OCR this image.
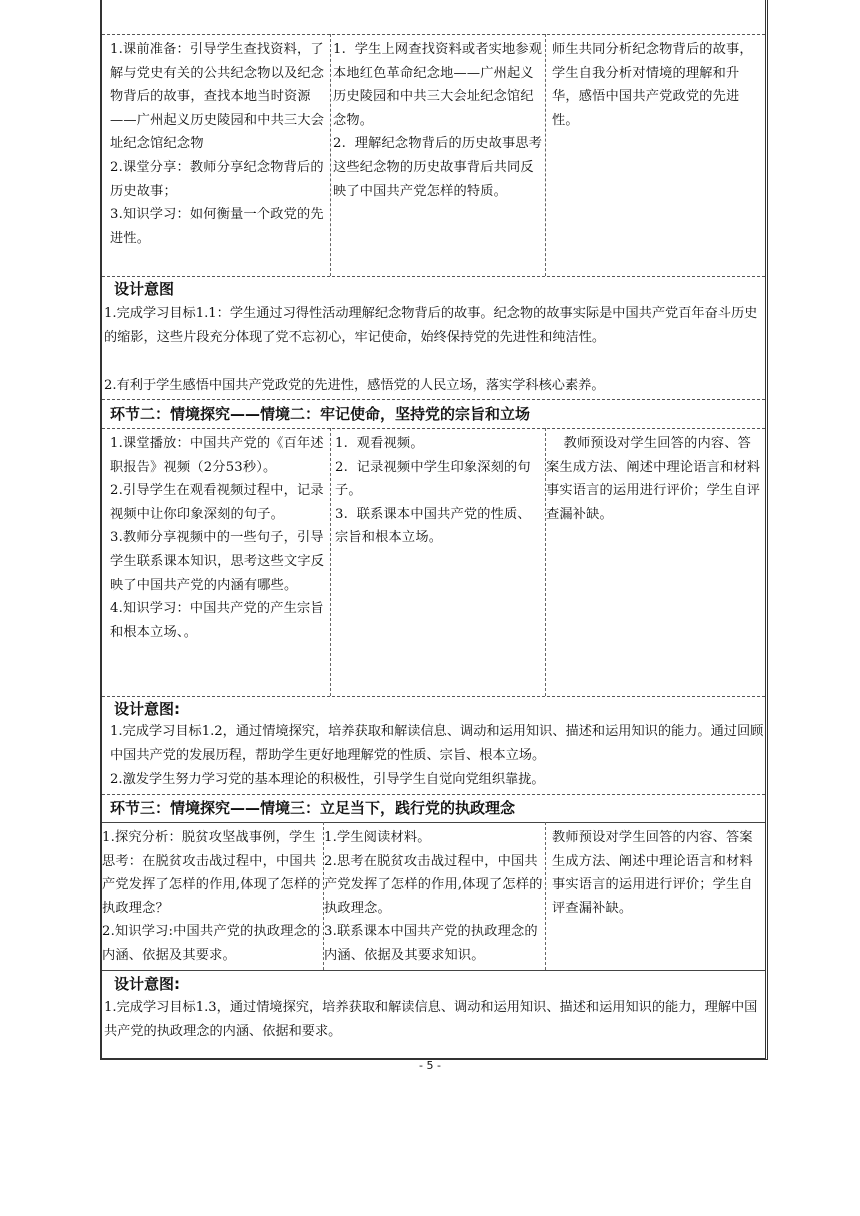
1.课前准备：引导学生查找资料，了解与党史有关的公共纪念物以及纪念物背后的故事，查找本地当时资源——广州起义历史陵园和中共三大会址纪念馆纪念物
2.课堂分享：教师分享纪念物背后的历史故事；
3.知识学习：如何衡量一个政党的先进性。
1.  学生上网查找资料或者实地参观本地红色革命纪念地——广州起义历史陵园和中共三大会址纪念馆纪念物。
2.  理解纪念物背后的历史故事思考这些纪念物的历史故事背后共同反映了中国共产党怎样的特质。
师生共同分析纪念物背后的故事，学生自我分析对情境的理解和升华，感悟中国共产党政党的先进性。
设计意图
1.完成学习目标1.1：学生通过习得性活动理解纪念物背后的故事。纪念物的故事实际是中国共产党百年奋斗历史的缩影，这些片段充分体现了党不忘初心，牢记使命，始终保持党的先进性和纯洁性。
2.有利于学生感悟中国共产党政党的先进性，感悟党的人民立场，落实学科核心素养。
环节二：情境探究——情境二：牢记使命，坚持党的宗旨和立场
1.课堂播放：中国共产党的《百年述职报告》视频（2分53秒）。
2.引导学生在观看视频过程中，记录视频中让你印象深刻的句子。
3.教师分享视频中的一些句子，引导学生联系课本知识，思考这些文字反映了中国共产党的内涵有哪些。
4.知识学习：中国共产党的产生宗旨和根本立场、。
1.  观看视频。
2.  记录视频中学生印象深刻的句子。
3.  联系课本中国共产党的性质、宗旨和根本立场。
教师预设对学生回答的内容、答案生成方法、阐述中理论语言和材料事实语言的运用进行评价；学生自评查漏补缺。
设计意图:
1.完成学习目标1.2，通过情境探究，培养获取和解读信息、调动和运用知识、描述和运用知识的能力。通过回顾中国共产党的发展历程，帮助学生更好地理解党的性质、宗旨、根本立场。
2.激发学生努力学习党的基本理论的积极性，引导学生自觉向党组织靠拢。
环节三：情境探究——情境三：立足当下，践行党的执政理念
1.探究分析：脱贫攻坚战事例，学生思考：在脱贫攻击战过程中，中国共产党发挥了怎样的作用,体现了怎样的执政理念？
2.知识学习:中国共产党的执政理念的内涵、依据及其要求。
1.学生阅读材料。
2.思考在脱贫攻击战过程中，中国共产党发挥了怎样的作用,体现了怎样的执政理念。
3.联系课本中国共产党的执政理念的内涵、依据及其要求知识。
教师预设对学生回答的内容、答案生成方法、阐述中理论语言和材料事实语言的运用进行评价；学生自评查漏补缺。
设计意图:
1.完成学习目标1.3，通过情境探究，培养获取和解读信息、调动和运用知识、描述和运用知识的能力，理解中国共产党的执政理念的内涵、依据和要求。
- 5 -
